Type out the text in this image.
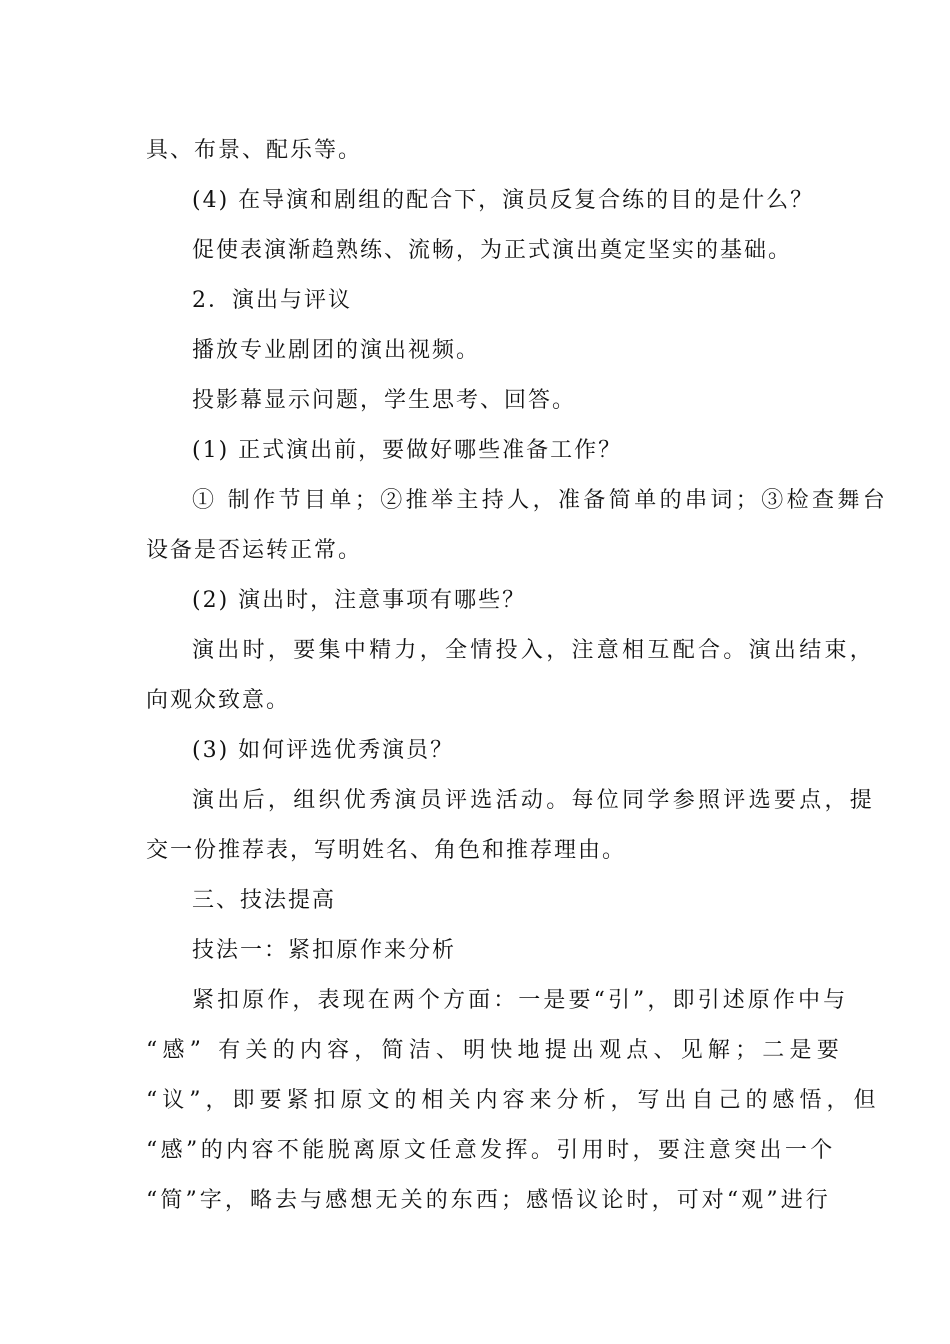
具、布景、配乐等。
(4) 在导演和剧组的配合下，演员反复合练的目的是什么？
促使表演渐趋熟练、流畅，为正式演出奠定坚实的基础。
2．演出与评议
播放专业剧团的演出视频。
投影幕显示问题，学生思考、回答。
(1) 正式演出前，要做好哪些准备工作？
① 制作节目单；②推举主持人，准备简单的串词；③检查舞台
设备是否运转正常。
(2) 演出时，注意事项有哪些？
演出时，要集中精力，全情投入，注意相互配合。演出结束，
向观众致意。
(3) 如何评选优秀演员？
演出后，组织优秀演员评选活动。每位同学参照评选要点，提
交一份推荐表，写明姓名、角色和推荐理由。
三、技法提高
技法一：紧扣原作来分析
紧扣原作，表现在两个方面：一是要“引”，即引述原作中与
“感” 有关的内容，简洁、明快地提出观点、见解；二是要
“议”，即要紧扣原文的相关内容来分析，写出自己的感悟，但
“感”的内容不能脱离原文任意发挥。引用时，要注意突出一个
“简”字，略去与感想无关的东西；感悟议论时，可对“观”进行
